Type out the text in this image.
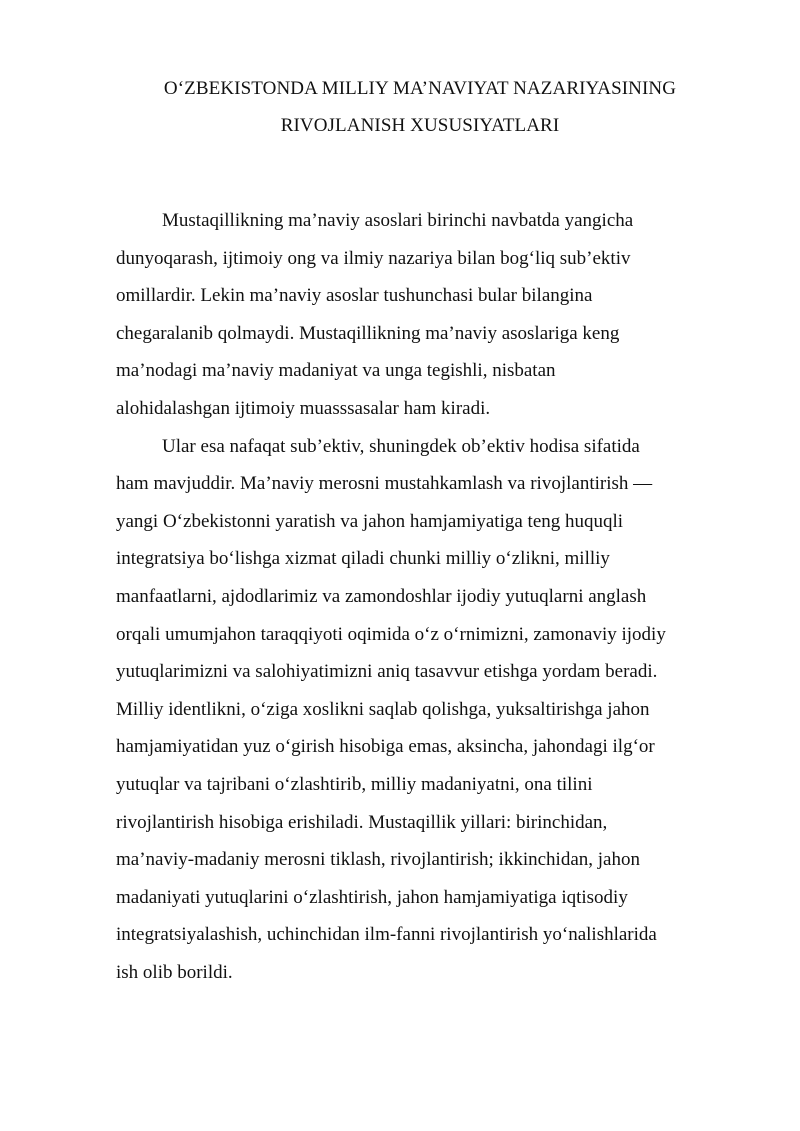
O‘ZBEKISTONDA MILLIY MA’NAVIYAT NAZARIYASINING
RIVOJLANISH XUSUSIYATLARI
Mustaqillikning ma’naviy asoslari birinchi navbatda yangicha
dunyoqarash, ijtimoiy ong va ilmiy nazariya bilan bog‘liq sub’ektiv
omillardir. Lekin ma’naviy asoslar tushunchasi bular bilangina
chegaralanib qolmaydi. Mustaqillikning ma’naviy asoslariga keng
ma’nodagi ma’naviy madaniyat va unga tegishli, nisbatan
alohidalashgan ijtimoiy muasssasalar ham kiradi.
Ular esa nafaqat sub’ektiv, shuningdek ob’ektiv hodisa sifatida
ham mavjuddir. Ma’naviy merosni mustahkamlash va rivojlantirish —
yangi O‘zbekistonni yaratish va jahon hamjamiyatiga teng huquqli
integratsiya bo‘lishga xizmat qiladi chunki milliy o‘zlikni, milliy
manfaatlarni, ajdodlarimiz va zamondoshlar ijodiy yutuqlarni anglash
orqali umumjahon taraqqiyoti oqimida o‘z o‘rnimizni, zamonaviy ijodiy
yutuqlarimizni va salohiyatimizni aniq tasavvur etishga yordam beradi.
Milliy identlikni, o‘ziga xoslikni saqlab qolishga, yuksaltirishga jahon
hamjamiyatidan yuz o‘girish hisobiga emas, aksincha, jahondagi ilg‘or
yutuqlar va tajribani o‘zlashtirib, milliy madaniyatni, ona tilini
rivojlantirish hisobiga erishiladi. Mustaqillik yillari: birinchidan,
ma’naviy-madaniy merosni tiklash, rivojlantirish; ikkinchidan, jahon
madaniyati yutuqlarini o‘zlashtirish, jahon hamjamiyatiga iqtisodiy
integratsiyalashish, uchinchidan ilm-fanni rivojlantirish yo‘nalishlarida
ish olib borildi.
